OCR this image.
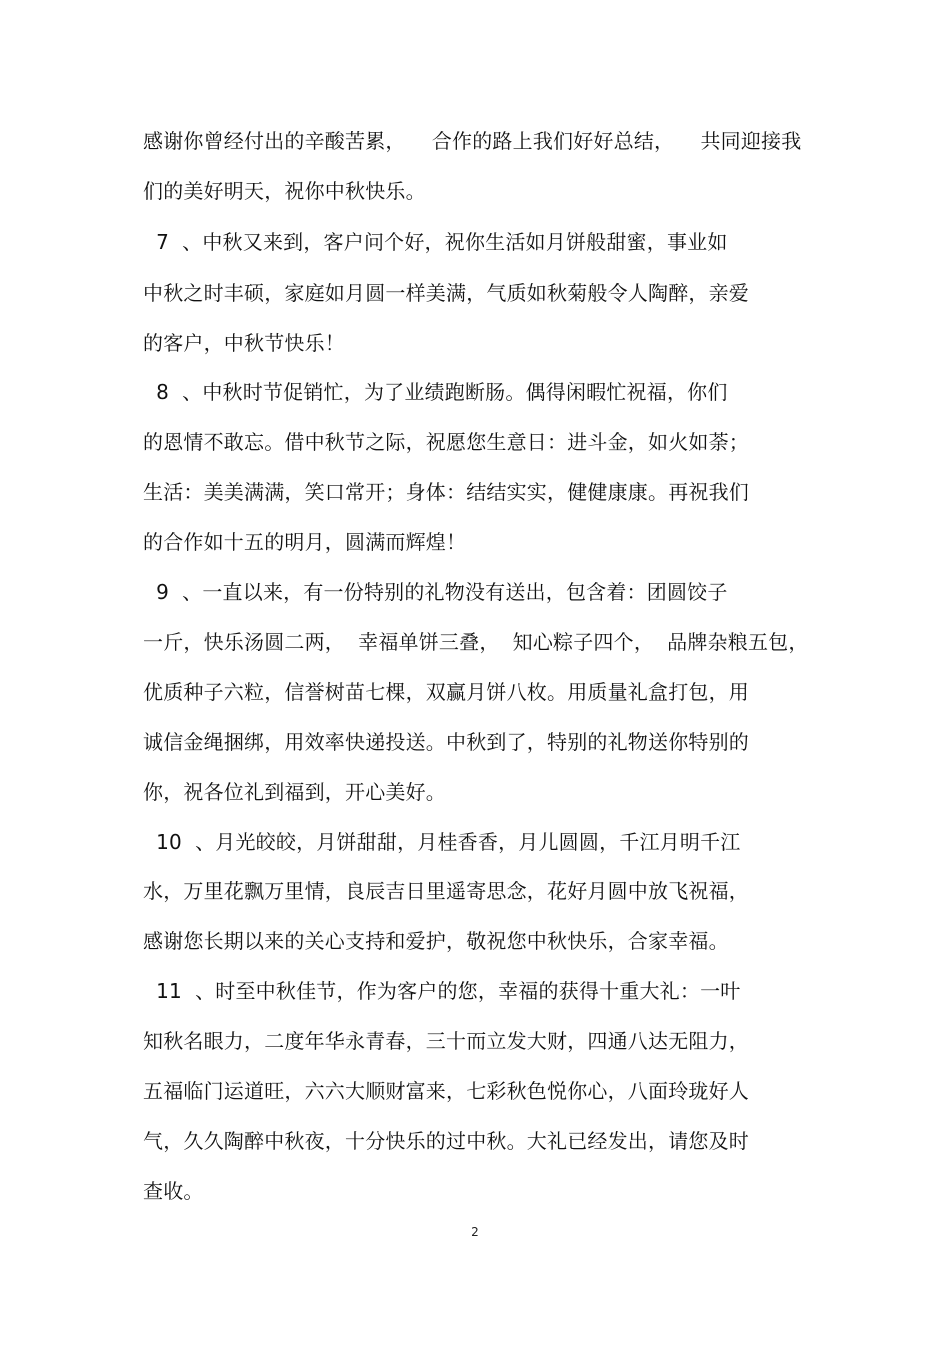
感谢你曾经付出的辛酸苦累，    合作的路上我们好好总结，    共同迎接我
们的美好明天，祝你中秋快乐。
7  、中秋又来到，客户问个好，祝你生活如月饼般甜蜜，事业如
中秋之时丰硕，家庭如月圆一样美满，气质如秋菊般令人陶醉，亲爱
的客户，中秋节快乐！
8  、中秋时节促销忙，为了业绩跑断肠。偶得闲暇忙祝福，你们
的恩情不敢忘。借中秋节之际，祝愿您生意日：进斗金，如火如荼；
生活：美美满满，笑口常开；身体：结结实实，健健康康。再祝我们
的合作如十五的明月，圆满而辉煌！
9  、一直以来，有一份特别的礼物没有送出，包含着：团圆饺子
一斤，快乐汤圆二两，  幸福单饼三叠，  知心粽子四个，  品牌杂粮五包，
优质种子六粒，信誉树苗七棵，双赢月饼八枚。用质量礼盒打包，用
诚信金绳捆绑，用效率快递投送。中秋到了，特别的礼物送你特别的
你，祝各位礼到福到，开心美好。
10  、月光皎皎，月饼甜甜，月桂香香，月儿圆圆，千江月明千江
水，万里花飘万里情，良辰吉日里遥寄思念，花好月圆中放飞祝福，
感谢您长期以来的关心支持和爱护，敬祝您中秋快乐，合家幸福。
11  、时至中秋佳节，作为客户的您，幸福的获得十重大礼：一叶
知秋名眼力，二度年华永青春，三十而立发大财，四通八达无阻力，
五福临门运道旺，六六大顺财富来，七彩秋色悦你心，八面玲珑好人
气，久久陶醉中秋夜，十分快乐的过中秋。大礼已经发出，请您及时
查收。
2
